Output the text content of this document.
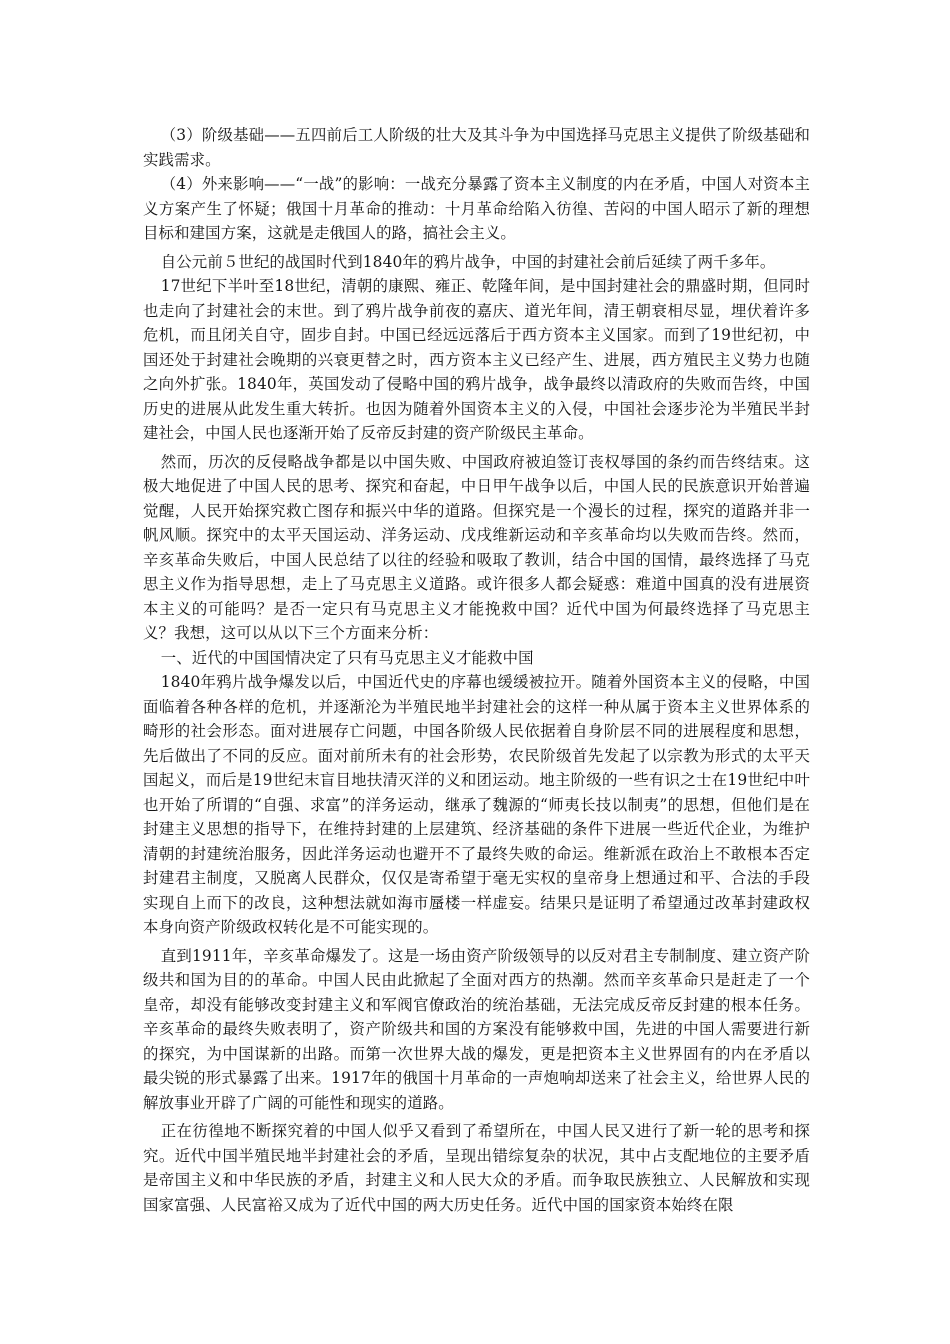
（3）阶级基础——五四前后工人阶级的壮大及其斗争为中国选择马克思主义提供了阶级基础和实践需求。

（4）外来影响——“一战”的影响：一战充分暴露了资本主义制度的内在矛盾，中国人对资本主义方案产生了怀疑；俄国十月革命的推动：十月革命给陷入彷徨、苦闷的中国人昭示了新的理想目标和建国方案，这就是走俄国人的路，搞社会主义。

自公元前５世纪的战国时代到1840年的鸦片战争，中国的封建社会前后延续了两千多年。

17世纪下半叶至18世纪，清朝的康熙、雍正、乾隆年间，是中国封建社会的鼎盛时期，但同时也走向了封建社会的末世。到了鸦片战争前夜的嘉庆、道光年间，清王朝衰相尽显，埋伏着许多危机，而且闭关自守，固步自封。中国已经远远落后于西方资本主义国家。而到了19世纪初，中国还处于封建社会晚期的兴衰更替之时，西方资本主义已经产生、进展，西方殖民主义势力也随之向外扩张。1840年，英国发动了侵略中国的鸦片战争，战争最终以清政府的失败而告终，中国历史的进展从此发生重大转折。也因为随着外国资本主义的入侵，中国社会逐步沦为半殖民半封建社会，中国人民也逐渐开始了反帝反封建的资产阶级民主革命。

然而，历次的反侵略战争都是以中国失败、中国政府被迫签订丧权辱国的条约而告终结束。这极大地促进了中国人民的思考、探究和奋起，中日甲午战争以后，中国人民的民族意识开始普遍觉醒，人民开始探究救亡图存和振兴中华的道路。但探究是一个漫长的过程，探究的道路并非一帆风顺。探究中的太平天国运动、洋务运动、戊戌维新运动和辛亥革命均以失败而告终。然而，辛亥革命失败后，中国人民总结了以往的经验和吸取了教训，结合中国的国情，最终选择了马克思主义作为指导思想，走上了马克思主义道路。或许很多人都会疑惑：难道中国真的没有进展资本主义的可能吗？是否一定只有马克思主义才能挽救中国？近代中国为何最终选择了马克思主义？我想，这可以从以下三个方面来分析：

一、近代的中国国情决定了只有马克思主义才能救中国

1840年鸦片战争爆发以后，中国近代史的序幕也缓缓被拉开。随着外国资本主义的侵略，中国面临着各种各样的危机，并逐渐沦为半殖民地半封建社会的这样一种从属于资本主义世界体系的畸形的社会形态。面对进展存亡问题，中国各阶级人民依据着自身阶层不同的进展程度和思想，先后做出了不同的反应。面对前所未有的社会形势，农民阶级首先发起了以宗教为形式的太平天国起义，而后是19世纪末盲目地扶清灭洋的义和团运动。地主阶级的一些有识之士在19世纪中叶也开始了所谓的“自强、求富”的洋务运动，继承了魏源的“师夷长技以制夷”的思想，但他们是在封建主义思想的指导下，在维持封建的上层建筑、经济基础的条件下进展一些近代企业，为维护清朝的封建统治服务，因此洋务运动也避开不了最终失败的命运。维新派在政治上不敢根本否定封建君主制度，又脱离人民群众，仅仅是寄希望于毫无实权的皇帝身上想通过和平、合法的手段实现自上而下的改良，这种想法就如海市蜃楼一样虚妄。结果只是证明了希望通过改革封建政权本身向资产阶级政权转化是不可能实现的。

直到1911年，辛亥革命爆发了。这是一场由资产阶级领导的以反对君主专制制度、建立资产阶级共和国为目的的革命。中国人民由此掀起了全面对西方的热潮。然而辛亥革命只是赶走了一个皇帝，却没有能够改变封建主义和军阀官僚政治的统治基础，无法完成反帝反封建的根本任务。辛亥革命的最终失败表明了，资产阶级共和国的方案没有能够救中国，先进的中国人需要进行新的探究，为中国谋新的出路。而第一次世界大战的爆发，更是把资本主义世界固有的内在矛盾以最尖锐的形式暴露了出来。1917年的俄国十月革命的一声炮响却送来了社会主义，给世界人民的解放事业开辟了广阔的可能性和现实的道路。

正在彷徨地不断探究着的中国人似乎又看到了希望所在，中国人民又进行了新一轮的思考和探究。近代中国半殖民地半封建社会的矛盾，呈现出错综复杂的状况，其中占支配地位的主要矛盾是帝国主义和中华民族的矛盾，封建主义和人民大众的矛盾。而争取民族独立、人民解放和实现国家富强、人民富裕又成为了近代中国的两大历史任务。近代中国的国家资本始终在限
